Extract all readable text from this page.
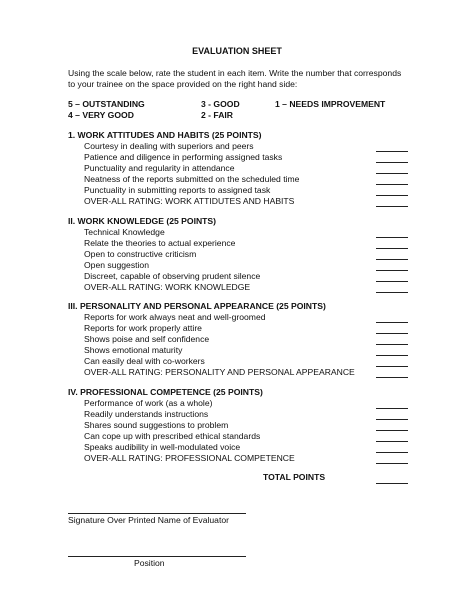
EVALUATION SHEET
Using the scale below, rate the student in each item. Write the number that corresponds to your trainee on the space provided on the right hand side:
5 – OUTSTANDING	3 - GOOD	1 – NEEDS IMPROVEMENT
4 – VERY GOOD	2 - FAIR
1. WORK ATTITUDES AND HABITS (25 POINTS)
Courtesy in dealing with superiors and peers
Patience and diligence in performing assigned tasks
Punctuality and regularity in attendance
Neatness of the reports submitted on the scheduled time
Punctuality in submitting reports to assigned task
OVER-ALL RATING: WORK ATTIDUTES AND HABITS
II. WORK KNOWLEDGE (25 POINTS)
Technical Knowledge
Relate the theories to actual experience
Open to constructive criticism
Open suggestion
Discreet, capable of observing prudent silence
OVER-ALL RATING: WORK KNOWLEDGE
III. PERSONALITY AND PERSONAL APPEARANCE (25 POINTS)
Reports for work always neat and well-groomed
Reports for work properly attire
Shows poise and self confidence
Shows emotional maturity
Can easily deal with co-workers
OVER-ALL RATING: PERSONALITY AND PERSONAL APPEARANCE
IV. PROFESSIONAL COMPETENCE (25 POINTS)
Performance of work (as a whole)
Readily understands instructions
Shares sound suggestions to problem
Can cope up with prescribed ethical standards
Speaks audibility in well-modulated voice
OVER-ALL RATING: PROFESSIONAL COMPETENCE
TOTAL POINTS
Signature Over Printed Name of Evaluator
Position
